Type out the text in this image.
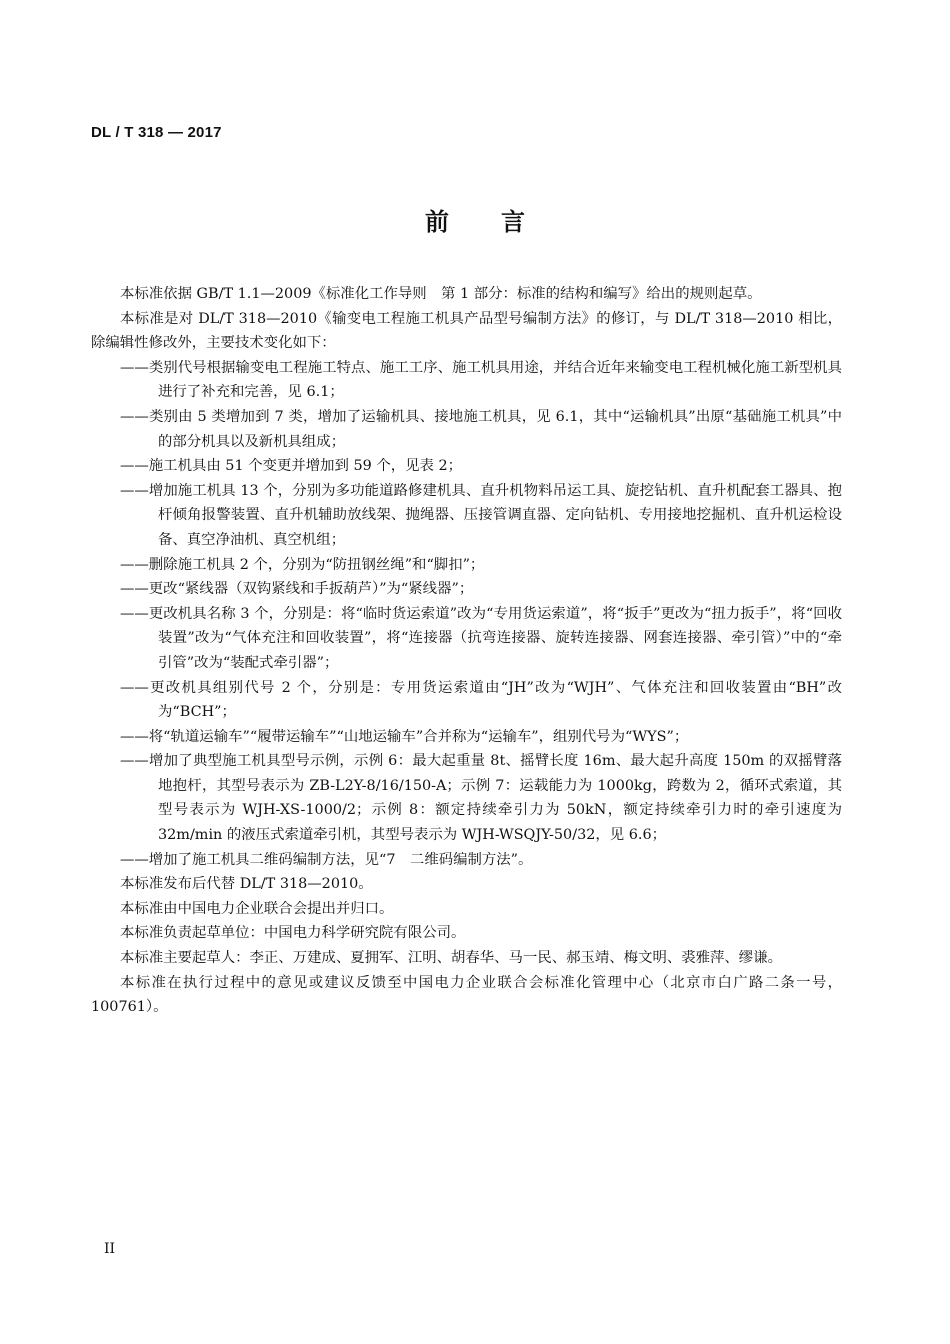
DL / T 318 — 2017
前言

本标准依据 GB/T 1.1—2009《标准化工作导则　第 1 部分：标准的结构和编写》给出的规则起草。

本标准是对 DL/T 318—2010《输变电工程施工机具产品型号编制方法》的修订，与 DL/T 318—2010 相比，除编辑性修改外，主要技术变化如下：

——类别代号根据输变电工程施工特点、施工工序、施工机具用途，并结合近年来输变电工程机械化施工新型机具进行了补充和完善，见 6.1；

——类别由 5 类增加到 7 类，增加了运输机具、接地施工机具，见 6.1，其中“运输机具”出原“基础施工机具”中的部分机具以及新机具组成；

——施工机具由 51 个变更并增加到 59 个，见表 2；

——增加施工机具 13 个，分别为多功能道路修建机具、直升机物料吊运工具、旋挖钻机、直升机配套工器具、抱杆倾角报警装置、直升机辅助放线架、抛绳器、压接管调直器、定向钻机、专用接地挖掘机、直升机运检设备、真空净油机、真空机组；

——删除施工机具 2 个，分别为“防扭钢丝绳”和“脚扣”；

——更改“紧线器（双钩紧线和手扳葫芦）”为“紧线器”；

——更改机具名称 3 个，分别是：将“临时货运索道”改为“专用货运索道”，将“扳手”更改为“扭力扳手”，将“回收装置”改为“气体充注和回收装置”，将“连接器（抗弯连接器、旋转连接器、网套连接器、牵引管）”中的“牵引管”改为“装配式牵引器”；

——更改机具组别代号 2 个，分别是：专用货运索道由“JH”改为“WJH”、气体充注和回收装置由“BH”改为“BCH”；

——将“轨道运输车”“履带运输车”“山地运输车”合并称为“运输车”，组别代号为“WYS”；

——增加了典型施工机具型号示例，示例 6：最大起重量 8t、摇臂长度 16m、最大起升高度 150m 的双摇臂落地抱杆，其型号表示为 ZB-L2Y-8/16/150-A；示例 7：运载能力为 1000kg，跨数为 2，循环式索道，其型号表示为 WJH-XS-1000/2；示例 8：额定持续牵引力为 50kN，额定持续牵引力时的牵引速度为 32m/min 的液压式索道牵引机，其型号表示为 WJH-WSQJY-50/32，见 6.6；

——增加了施工机具二维码编制方法，见“7　二维码编制方法”。

本标准发布后代替 DL/T 318—2010。

本标准由中国电力企业联合会提出并归口。

本标准负责起草单位：中国电力科学研究院有限公司。

本标准主要起草人：李正、万建成、夏拥军、江明、胡春华、马一民、郝玉靖、梅文明、裘雅萍、缪谦。

本标准在执行过程中的意见或建议反馈至中国电力企业联合会标准化管理中心（北京市白广路二条一号，100761）。

II
